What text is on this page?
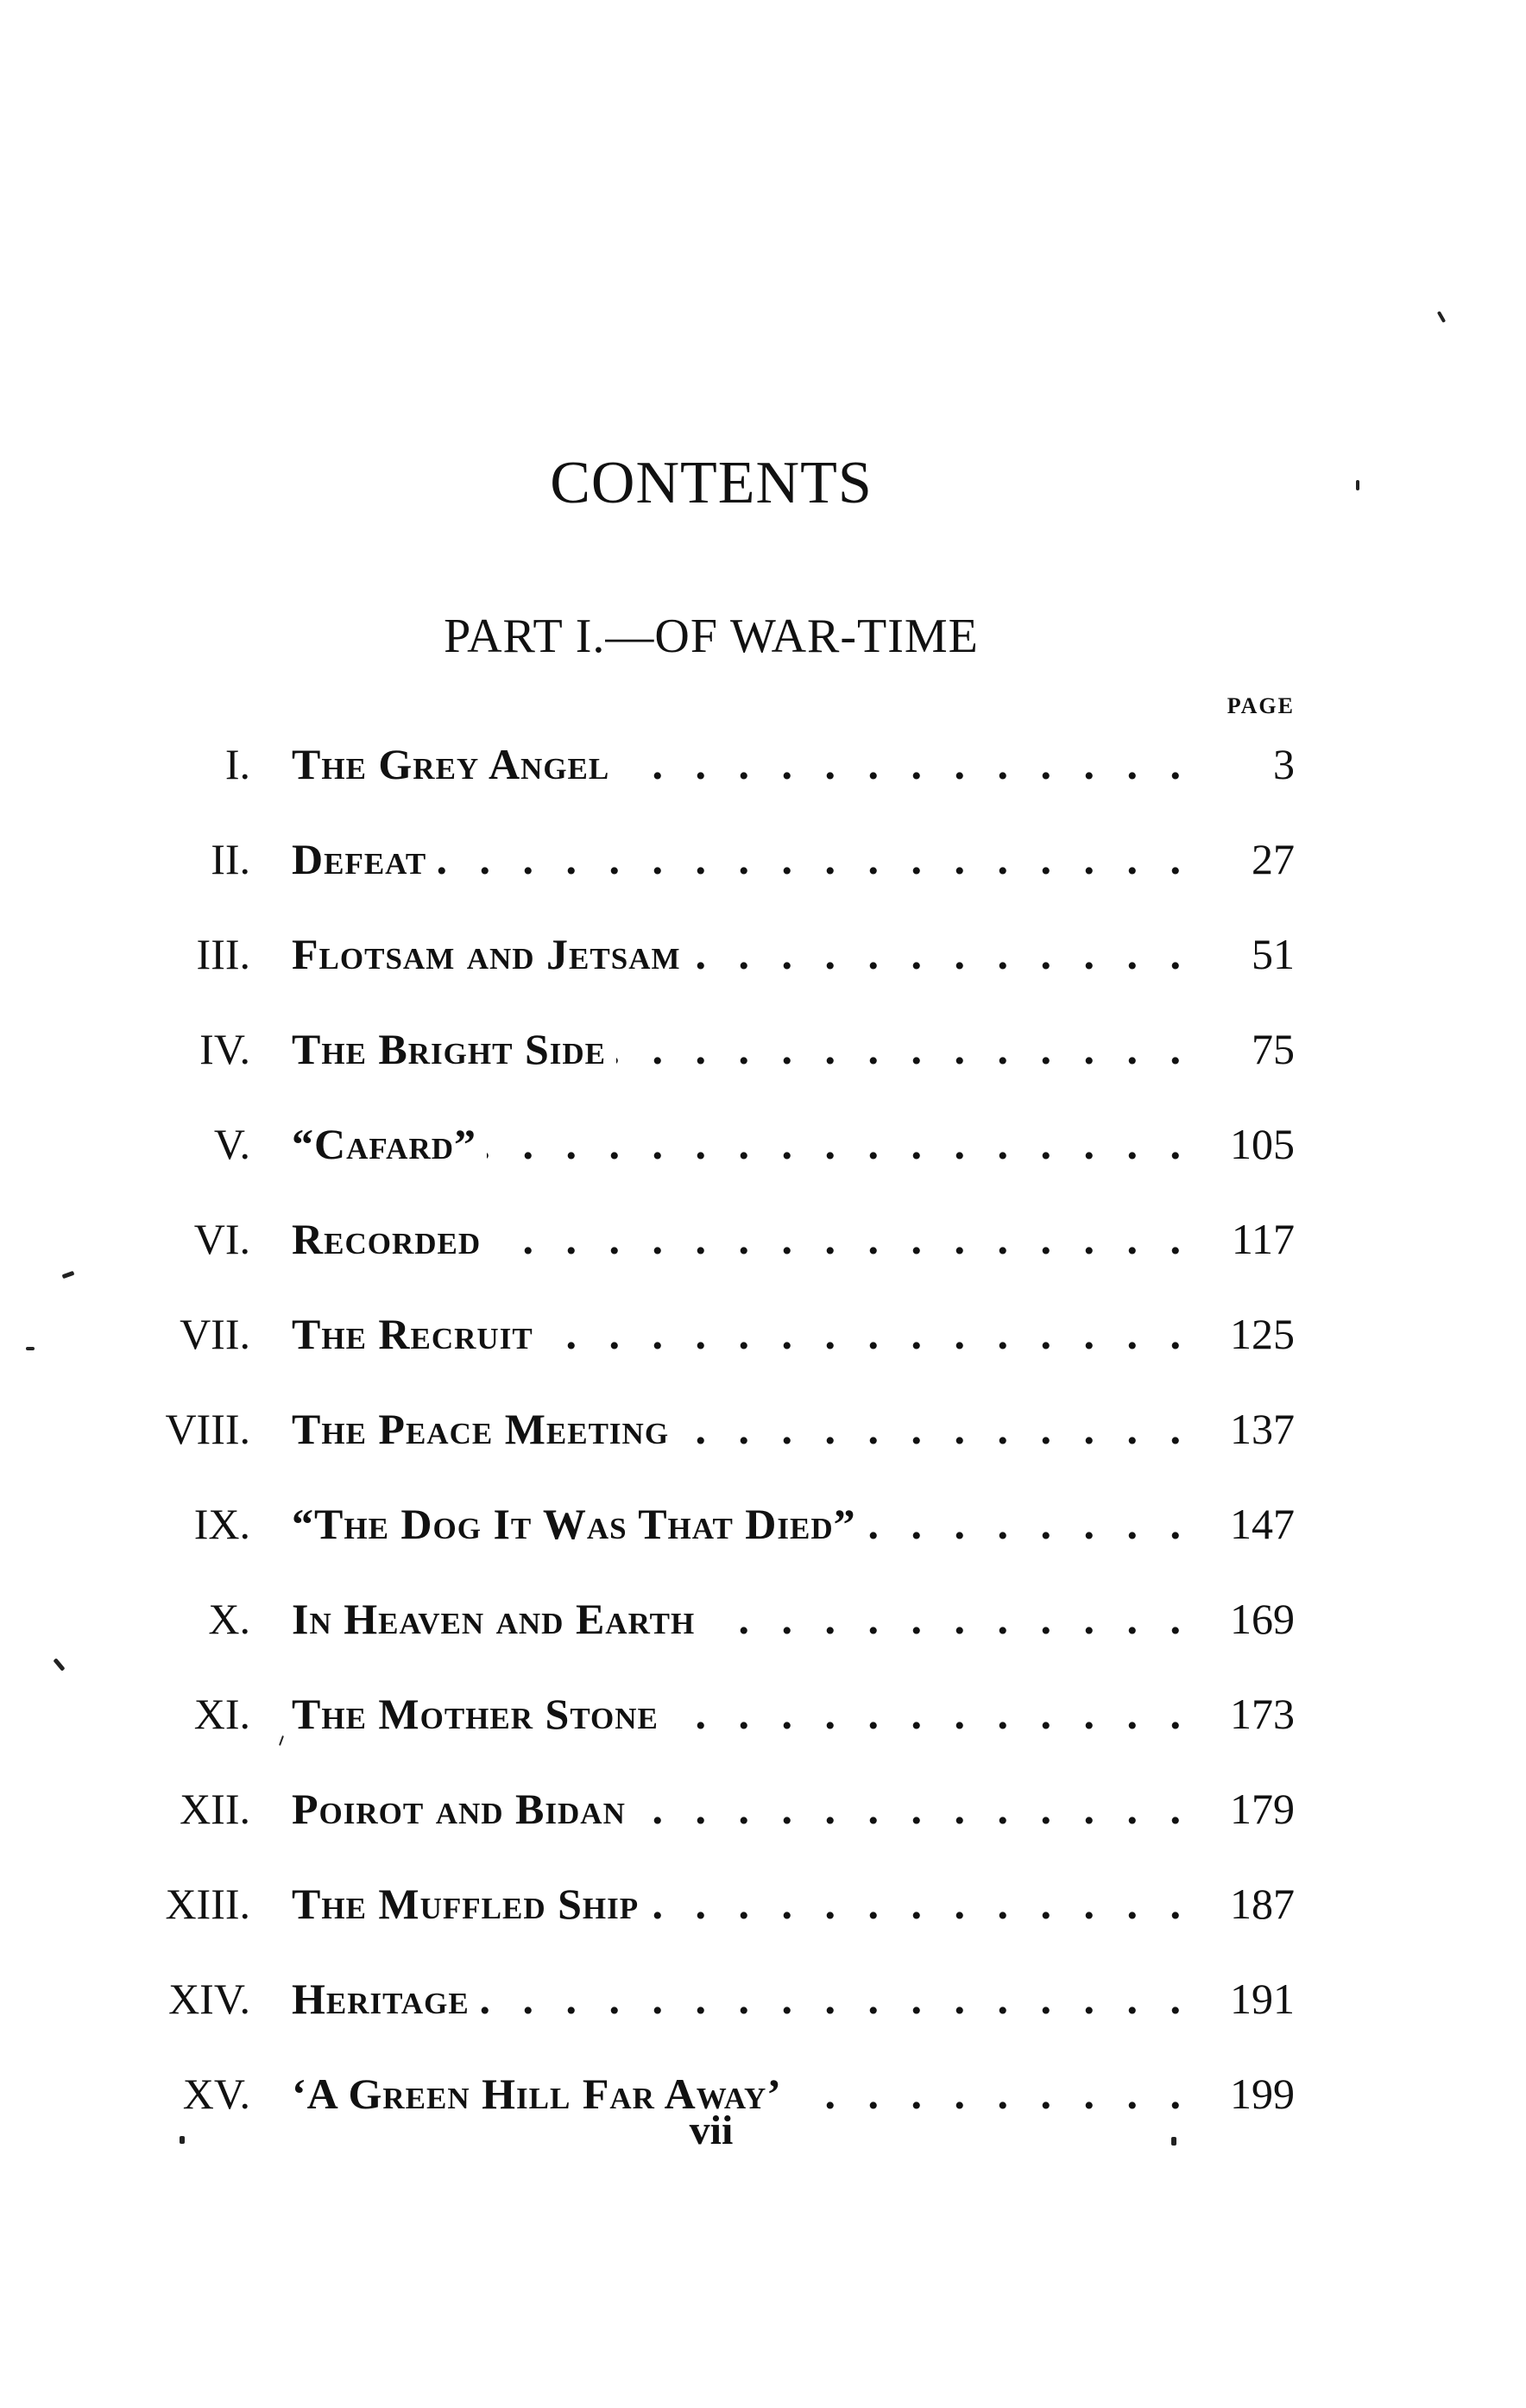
CONTENTS
PART I.—OF WAR-TIME
PAGE
I. The Grey Angel .   .	3
II. Defeat .   .	27
III. Flotsam and Jetsam .   .	51
IV. The Bright Side .   .	75
V. “Cafard” .   .	105
VI. Recorded .   .	117
VII. The Recruit .   .	125
VIII. The Peace Meeting .   .	137
IX. “The Dog It Was That Died” .   .	147
X. In Heaven and Earth .   .	169
XI. The Mother Stone .   .	173
XII. Poirot and Bidan .   .	179
XIII. The Muffled Ship .   .	187
XIV. Heritage .   .	191
XV. ‘A Green Hill Far Away’ .   .	199
vii
